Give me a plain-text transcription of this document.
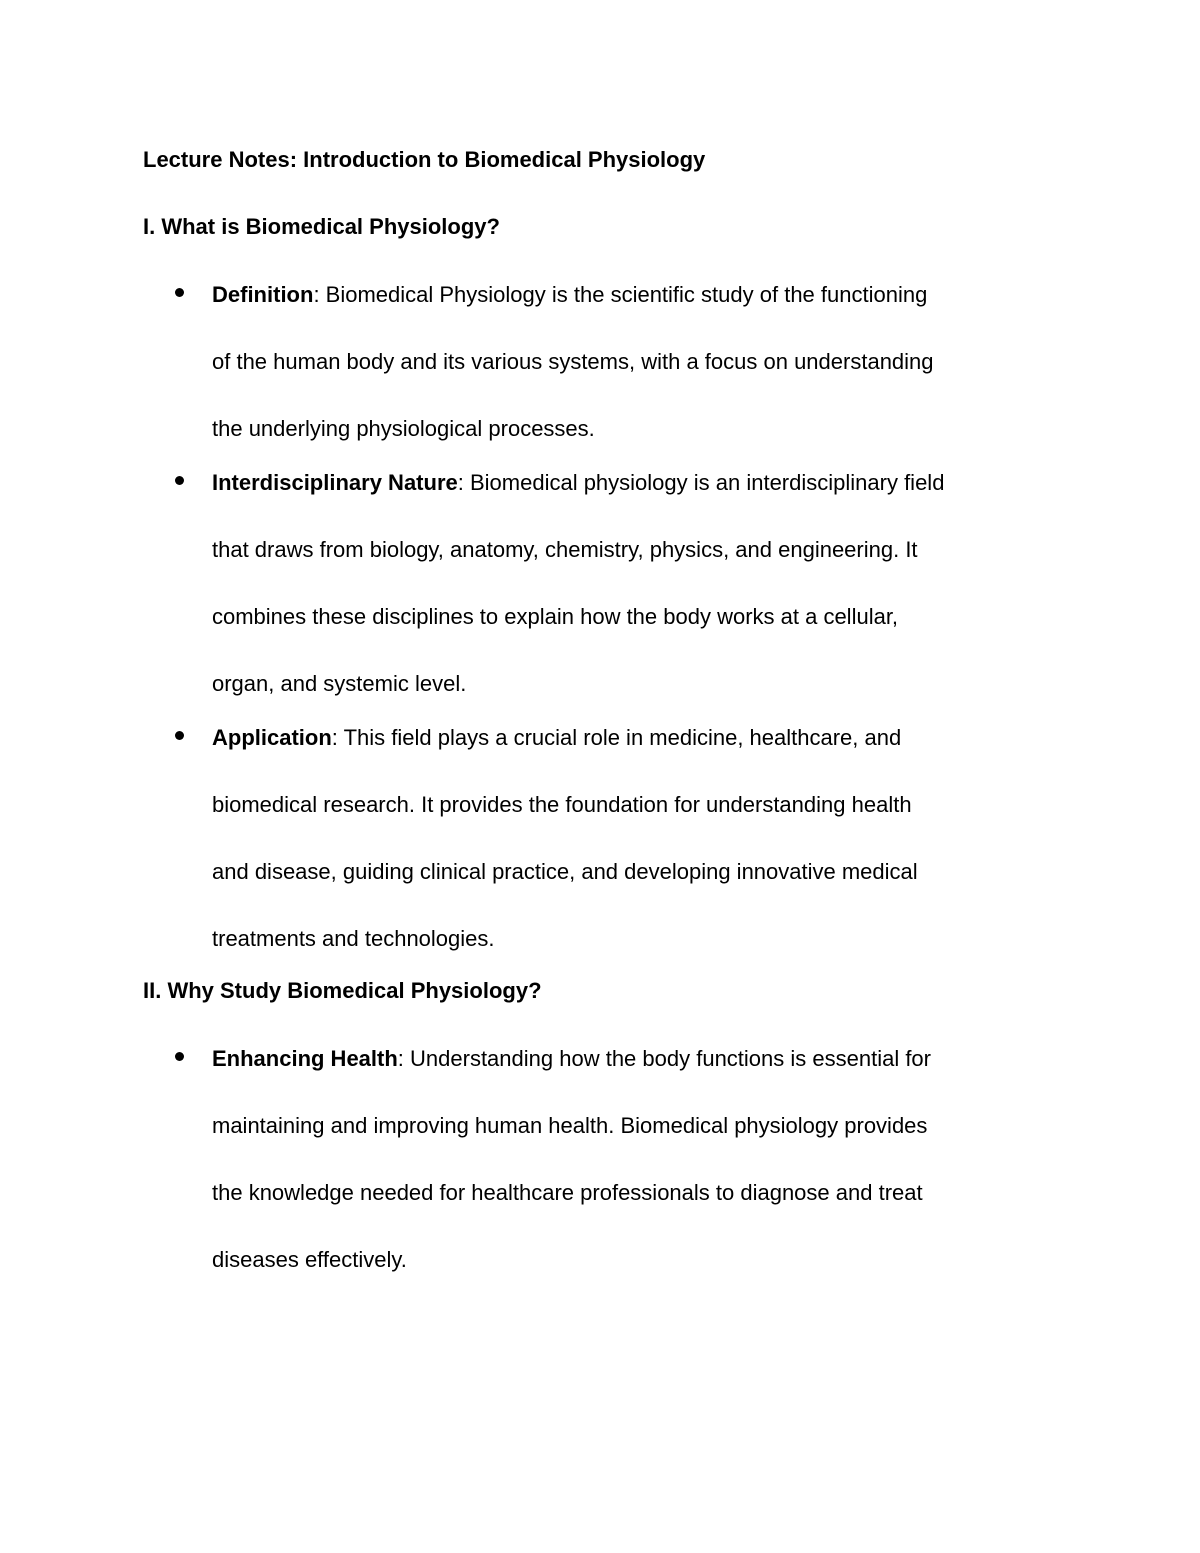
Lecture Notes: Introduction to Biomedical Physiology
I. What is Biomedical Physiology?
Definition: Biomedical Physiology is the scientific study of the functioning
of the human body and its various systems, with a focus on understanding
the underlying physiological processes.
Interdisciplinary Nature: Biomedical physiology is an interdisciplinary field
that draws from biology, anatomy, chemistry, physics, and engineering. It
combines these disciplines to explain how the body works at a cellular,
organ, and systemic level.
Application: This field plays a crucial role in medicine, healthcare, and
biomedical research. It provides the foundation for understanding health
and disease, guiding clinical practice, and developing innovative medical
treatments and technologies.
II. Why Study Biomedical Physiology?
Enhancing Health: Understanding how the body functions is essential for
maintaining and improving human health. Biomedical physiology provides
the knowledge needed for healthcare professionals to diagnose and treat
diseases effectively.
